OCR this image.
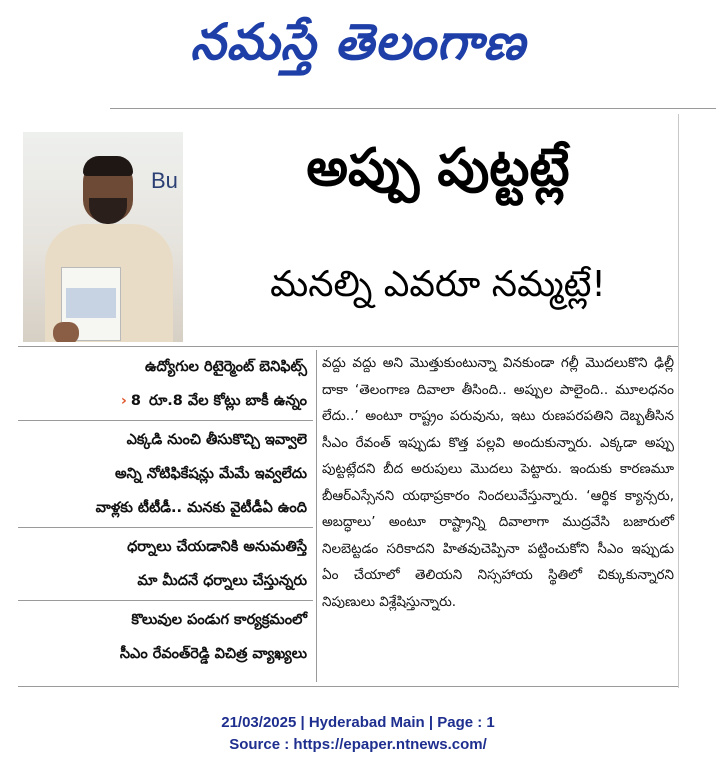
నమస్తే తెలంగాణ
Bu	అప్పు పుట్టట్లే
మనల్ని ఎవరూ నమ్మట్లే!
ఉద్యోగుల రిటైర్మెంట్ బెనిఫిట్స్
› 8 రూ.8 వేల కోట్లు బాకీ ఉన్నం
ఎక్కడి నుంచి తీసుకొచ్చి ఇవ్వాలె
అన్ని నోటిఫికేషన్లు మేమే ఇవ్వలేదు
వాళ్లకు టీటీడీ.. మనకు వైటీడీఏ ఉంది
ధర్నాలు చేయడానికి అనుమతిస్తే
మా మీదనే ధర్నాలు చేస్తున్నరు
కొలువుల పండుగ కార్యక్రమంలో
సీఎం రేవంత్‌రెడ్డి విచిత్ర వ్యాఖ్యలు
వద్దు వద్దు అని మొత్తుకుంటున్నా వినకుండా గల్లీ మొదలుకొని ఢిల్లీ దాకా ‘తెలంగాణ దివాలా తీసింది.. అప్పుల పాలైంది.. మూలధనం లేదు..’ అంటూ రాష్ట్రం పరువును, ఇటు రుణపరపతిని దెబ్బతీసిన సీఎం రేవంత్ ఇప్పుడు కొత్త పల్లవి అందుకున్నారు. ఎక్కడా అప్పు పుట్టట్లేదని బీద అరుపులు మొదలు పెట్టారు. ఇందుకు కారణమూ బీఆర్‌ఎస్సేనని యథాప్రకారం నిందలువేస్తున్నారు. ‘ఆర్థిక క్యాన్సరు, అబద్ధాలు’ అంటూ రాష్ట్రాన్ని దివాలాగా ముద్రవేసి బజారులో నిలబెట్టడం సరికాదని హితవుచెప్పినా పట్టించుకోని సీఎం ఇప్పుడు ఏం చేయాలో తెలియని నిస్సహాయ స్థితిలో చిక్కుకున్నారని నిపుణులు విశ్లేషిస్తున్నారు.
21/03/2025 | Hyderabad Main | Page : 1
Source : https://epaper.ntnews.com/
